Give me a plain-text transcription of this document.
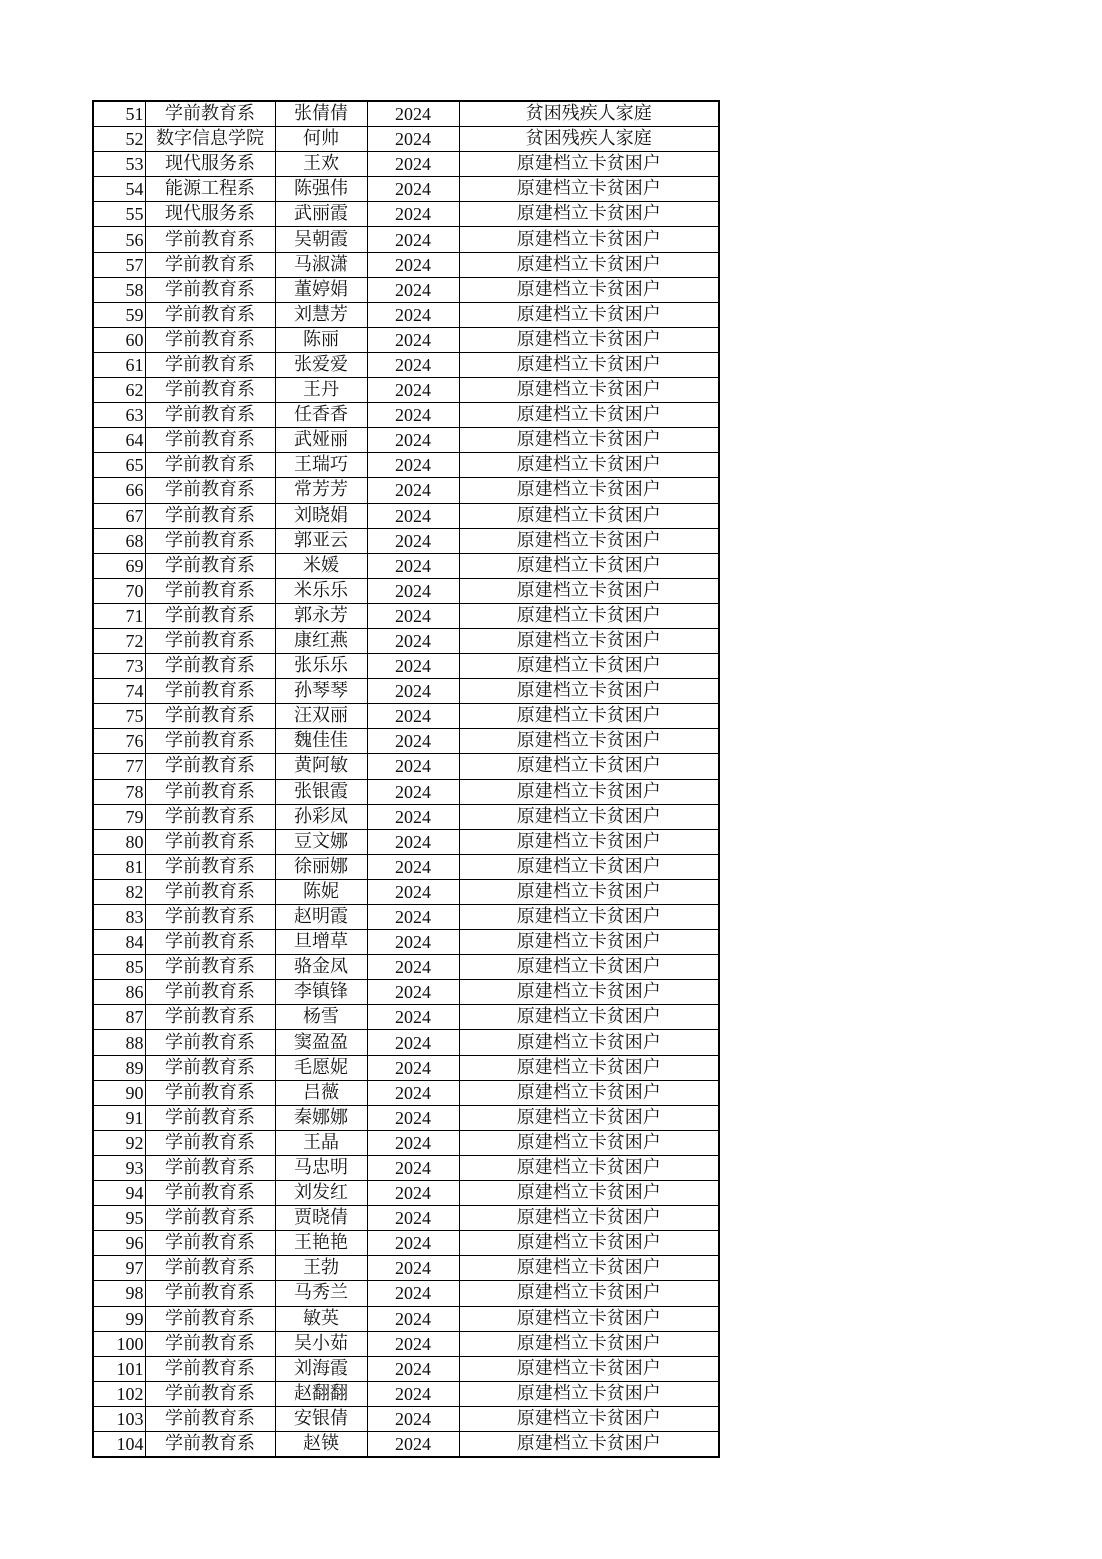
51	学前教育系	张倩倩	2024	贫困残疾人家庭
52	数字信息学院	何帅	2024	贫困残疾人家庭
53	现代服务系	王欢	2024	原建档立卡贫困户
54	能源工程系	陈强伟	2024	原建档立卡贫困户
55	现代服务系	武丽霞	2024	原建档立卡贫困户
56	学前教育系	吴朝霞	2024	原建档立卡贫困户
57	学前教育系	马淑潇	2024	原建档立卡贫困户
58	学前教育系	董婷娟	2024	原建档立卡贫困户
59	学前教育系	刘慧芳	2024	原建档立卡贫困户
60	学前教育系	陈丽	2024	原建档立卡贫困户
61	学前教育系	张爱爱	2024	原建档立卡贫困户
62	学前教育系	王丹	2024	原建档立卡贫困户
63	学前教育系	任香香	2024	原建档立卡贫困户
64	学前教育系	武娅丽	2024	原建档立卡贫困户
65	学前教育系	王瑞巧	2024	原建档立卡贫困户
66	学前教育系	常芳芳	2024	原建档立卡贫困户
67	学前教育系	刘晓娟	2024	原建档立卡贫困户
68	学前教育系	郭亚云	2024	原建档立卡贫困户
69	学前教育系	米媛	2024	原建档立卡贫困户
70	学前教育系	米乐乐	2024	原建档立卡贫困户
71	学前教育系	郭永芳	2024	原建档立卡贫困户
72	学前教育系	康红燕	2024	原建档立卡贫困户
73	学前教育系	张乐乐	2024	原建档立卡贫困户
74	学前教育系	孙琴琴	2024	原建档立卡贫困户
75	学前教育系	汪双丽	2024	原建档立卡贫困户
76	学前教育系	魏佳佳	2024	原建档立卡贫困户
77	学前教育系	黄阿敏	2024	原建档立卡贫困户
78	学前教育系	张银霞	2024	原建档立卡贫困户
79	学前教育系	孙彩凤	2024	原建档立卡贫困户
80	学前教育系	豆文娜	2024	原建档立卡贫困户
81	学前教育系	徐丽娜	2024	原建档立卡贫困户
82	学前教育系	陈妮	2024	原建档立卡贫困户
83	学前教育系	赵明霞	2024	原建档立卡贫困户
84	学前教育系	旦增草	2024	原建档立卡贫困户
85	学前教育系	骆金凤	2024	原建档立卡贫困户
86	学前教育系	李镇锋	2024	原建档立卡贫困户
87	学前教育系	杨雪	2024	原建档立卡贫困户
88	学前教育系	窦盈盈	2024	原建档立卡贫困户
89	学前教育系	毛愿妮	2024	原建档立卡贫困户
90	学前教育系	吕薇	2024	原建档立卡贫困户
91	学前教育系	秦娜娜	2024	原建档立卡贫困户
92	学前教育系	王晶	2024	原建档立卡贫困户
93	学前教育系	马忠明	2024	原建档立卡贫困户
94	学前教育系	刘发红	2024	原建档立卡贫困户
95	学前教育系	贾晓倩	2024	原建档立卡贫困户
96	学前教育系	王艳艳	2024	原建档立卡贫困户
97	学前教育系	王勃	2024	原建档立卡贫困户
98	学前教育系	马秀兰	2024	原建档立卡贫困户
99	学前教育系	敏英	2024	原建档立卡贫困户
100	学前教育系	吴小茹	2024	原建档立卡贫困户
101	学前教育系	刘海霞	2024	原建档立卡贫困户
102	学前教育系	赵翻翻	2024	原建档立卡贫困户
103	学前教育系	安银倩	2024	原建档立卡贫困户
104	学前教育系	赵锳	2024	原建档立卡贫困户
